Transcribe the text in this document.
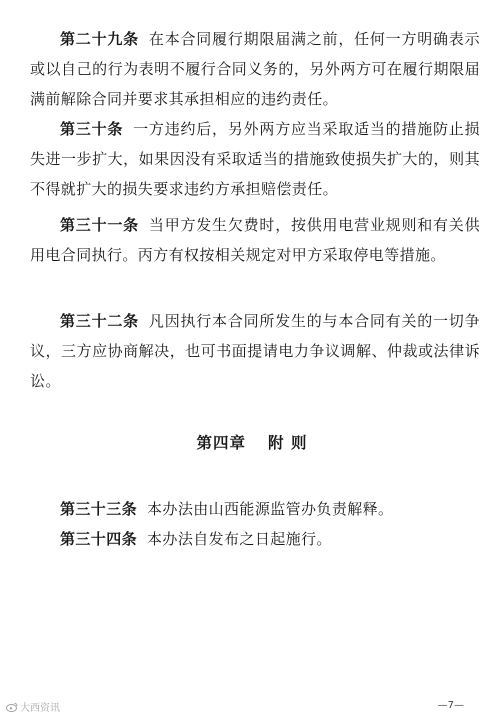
第二十九条 在本合同履行期限届满之前，任何一方明确表示或以自己的行为表明不履行合同义务的，另外两方可在履行期限届满前解除合同并要求其承担相应的违约责任。

第三十条 一方违约后，另外两方应当采取适当的措施防止损失进一步扩大，如果因没有采取适当的措施致使损失扩大的，则其不得就扩大的损失要求违约方承担赔偿责任。

第三十一条 当甲方发生欠费时，按供用电营业规则和有关供用电合同执行。丙方有权按相关规定对甲方采取停电等措施。

第三十二条 凡因执行本合同所发生的与本合同有关的一切争议，三方应协商解决，也可书面提请电力争议调解、仲裁或法律诉讼。

第四章 附 则

第三十三条 本办法由山西能源监管办负责解释。

第三十四条 本办法自发布之日起施行。

大西资讯	—7—
